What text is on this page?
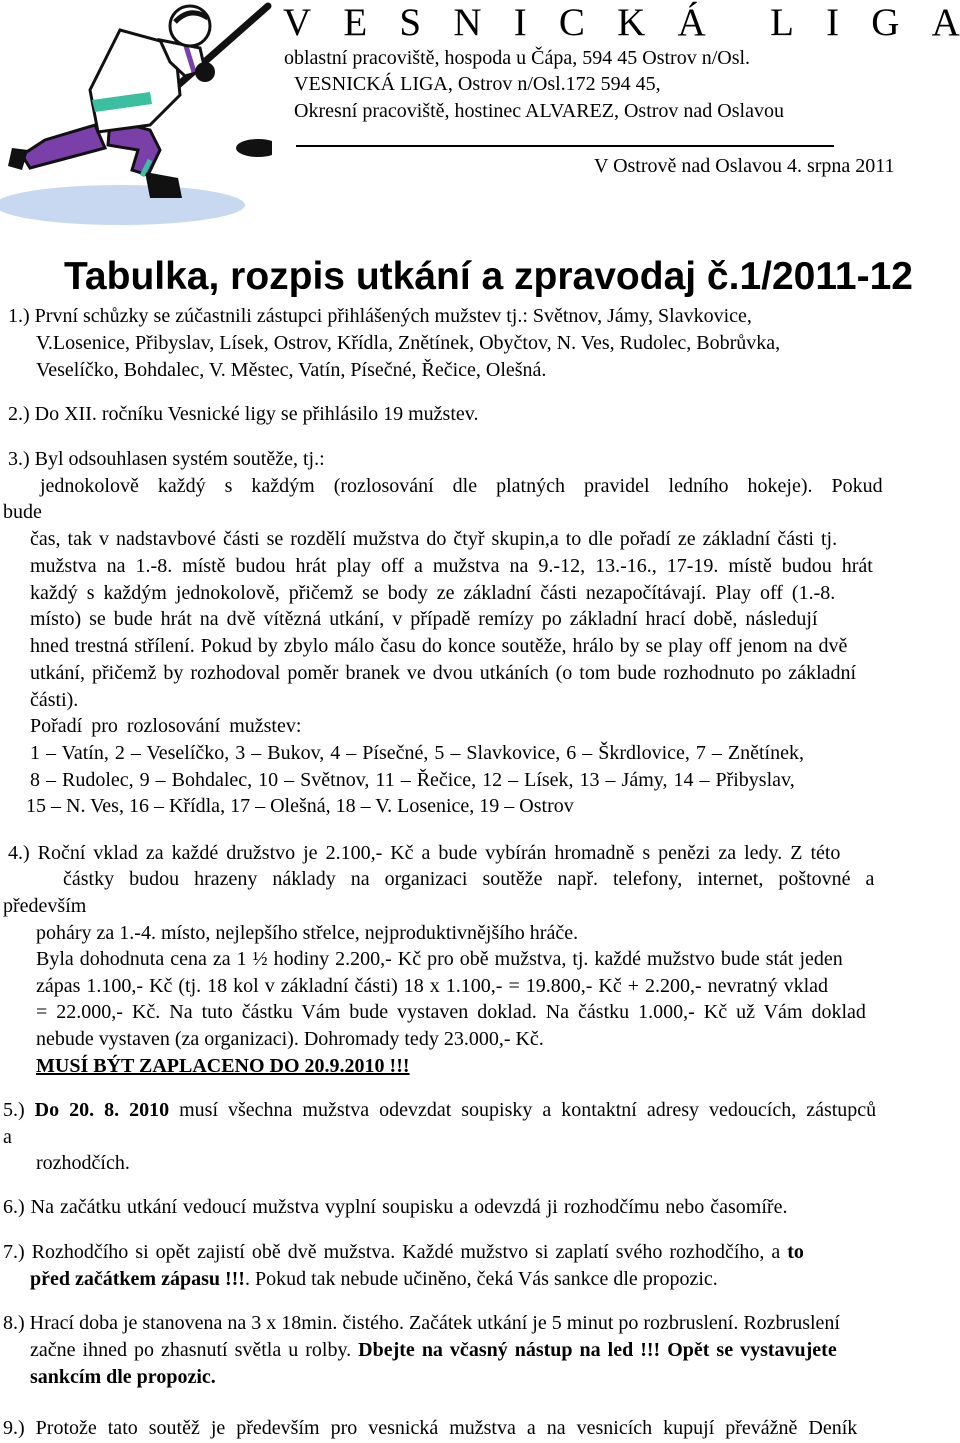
V E S N I C K Á L I G A
oblastní pracoviště, hospoda u Čápa, 594 45 Ostrov n/Osl.
VESNICKÁ LIGA, Ostrov n/Osl.172 594 45,
Okresní pracoviště, hostinec ALVAREZ, Ostrov nad Oslavou
V Ostrově nad Oslavou 4. srpna 2011
Tabulka, rozpis utkání a zpravodaj č.1/2011-12
1.) První schůzky se zúčastnili zástupci přihlášených mužstev tj.: Světnov, Jámy, Slavkovice,
V.Losenice, Přibyslav, Lísek, Ostrov, Křídla, Znětínek, Obyčtov, N. Ves, Rudolec, Bobrůvka,
Veselíčko, Bohdalec, V. Městec, Vatín, Písečné, Řečice, Olešná.
2.) Do XII. ročníku Vesnické ligy se přihlásilo 19 mužstev.
3.) Byl odsouhlasen systém soutěže, tj.:
jednokolově každý s každým (rozlosování dle platných pravidel ledního hokeje). Pokud
bude
čas, tak v nadstavbové části se rozdělí mužstva do čtyř skupin,a to dle pořadí ze základní části tj.
mužstva na 1.-8. místě budou hrát play off a mužstva na 9.-12, 13.-16., 17-19. místě budou hrát
každý s každým jednokolově, přičemž se body ze základní části nezapočítávají. Play off (1.-8.
místo) se bude hrát na dvě vítězná utkání, v případě remízy po základní hrací době, následují
hned trestná střílení. Pokud by zbylo málo času do konce soutěže, hrálo by se play off jenom na dvě
utkání, přičemž by rozhodoval poměr branek ve dvou utkáních (o tom bude rozhodnuto po základní
části).
Pořadí pro rozlosování mužstev:
1 – Vatín, 2 – Veselíčko, 3 – Bukov, 4 – Písečné, 5 – Slavkovice, 6 – Škrdlovice, 7 – Znětínek,
8 – Rudolec, 9 – Bohdalec, 10 – Světnov, 11 – Řečice, 12 – Lísek, 13 – Jámy, 14 – Přibyslav,
15 – N. Ves, 16 – Křídla, 17 – Olešná, 18 – V. Losenice, 19 – Ostrov
4.) Roční vklad za každé družstvo je 2.100,- Kč a bude vybírán hromadně s penězi za ledy. Z této
částky budou hrazeny náklady na organizaci soutěže např. telefony, internet, poštovné a
především
poháry za 1.-4. místo, nejlepšího střelce, nejproduktivnějšího hráče.
Byla dohodnuta cena za 1 ½ hodiny 2.200,- Kč pro obě mužstva, tj. každé mužstvo bude stát jeden
zápas 1.100,- Kč (tj. 18 kol v základní části) 18 x 1.100,- = 19.800,- Kč + 2.200,- nevratný vklad
= 22.000,- Kč. Na tuto částku Vám bude vystaven doklad. Na částku 1.000,- Kč už Vám doklad
nebude vystaven (za organizaci). Dohromady tedy 23.000,- Kč.
MUSÍ BÝT ZAPLACENO DO 20.9.2010 !!!
5.) Do 20. 8. 2010 musí všechna mužstva odevzdat soupisky a kontaktní adresy vedoucích, zástupců
a
rozhodčích.
6.) Na začátku utkání vedoucí mužstva vyplní soupisku a odevzdá ji rozhodčímu nebo časomíře.
7.) Rozhodčího si opět zajistí obě dvě mužstva. Každé mužstvo si zaplatí svého rozhodčího, a to
před začátkem zápasu !!!. Pokud tak nebude učiněno, čeká Vás sankce dle propozic.
8.) Hrací doba je stanovena na 3 x 18min. čistého. Začátek utkání je 5 minut po rozbruslení. Rozbruslení
začne ihned po zhasnutí světla u rolby. Dbejte na včasný nástup na led !!! Opět se vystavujete
sankcím dle propozic.
9.) Protože tato soutěž je především pro vesnická mužstva a na vesnicích kupují převážně Deník
